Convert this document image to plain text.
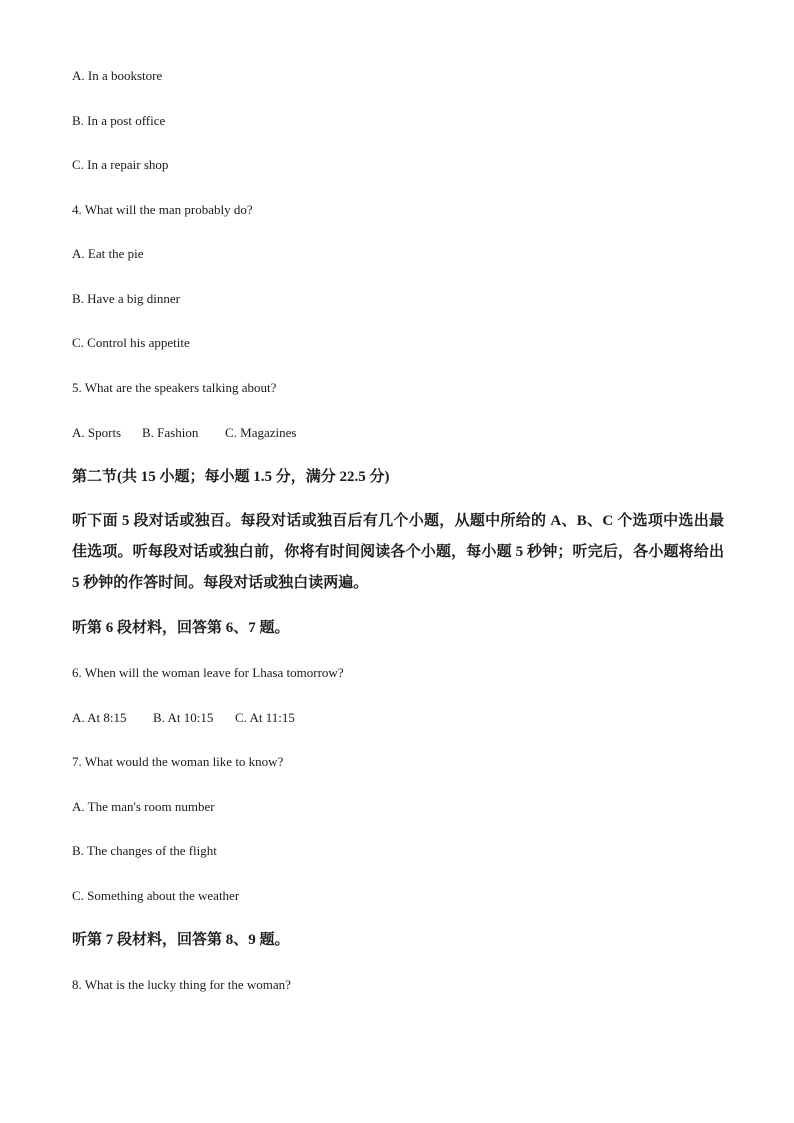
A. In a bookstore
B. In a post office
C. In a repair shop
4. What will the man probably do?
A. Eat the pie
B. Have a big dinner
C. Control his appetite
5. What are the speakers talking about?
A. Sports B. Fashion C. Magazines
第二节(共 15 小题；每小题 1.5 分，满分 22.5 分)
听下面 5 段对话或独百。每段对话或独百后有几个小题，从题中所给的 A、B、C 个选项中选出最佳选项。听每段对话或独白前，你将有时间阅读各个小题，每小题 5 秒钟；听完后，各小题将给出 5 秒钟的作答时间。每段对话或独白读两遍。
听第 6 段材料，回答第 6、7 题。
6. When will the woman leave for Lhasa tomorrow?
A. At 8:15 B. At 10:15 C. At 11:15
7. What would the woman like to know?
A. The man's room number
B. The changes of the flight
C. Something about the weather
听第 7 段材料，回答第 8、9 题。
8. What is the lucky thing for the woman?
